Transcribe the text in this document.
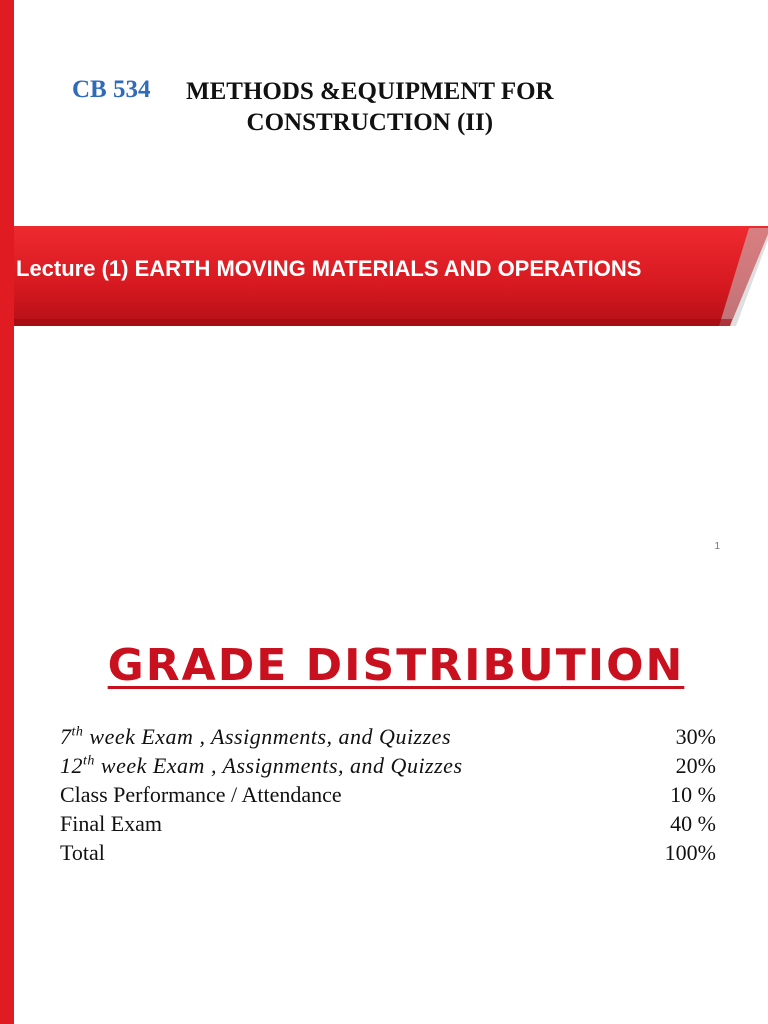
CB 534 METHODS &EQUIPMENT FOR
CONSTRUCTION (II)
Lecture (1) EARTH MOVING MATERIALS AND OPERATIONS
1
GRADE DISTRIBUTION
7th week Exam , Assignments, and Quizzes	30%
12th week Exam , Assignments, and Quizzes	20%
Class Performance / Attendance	10 %
Final Exam	40 %
Total	100%
